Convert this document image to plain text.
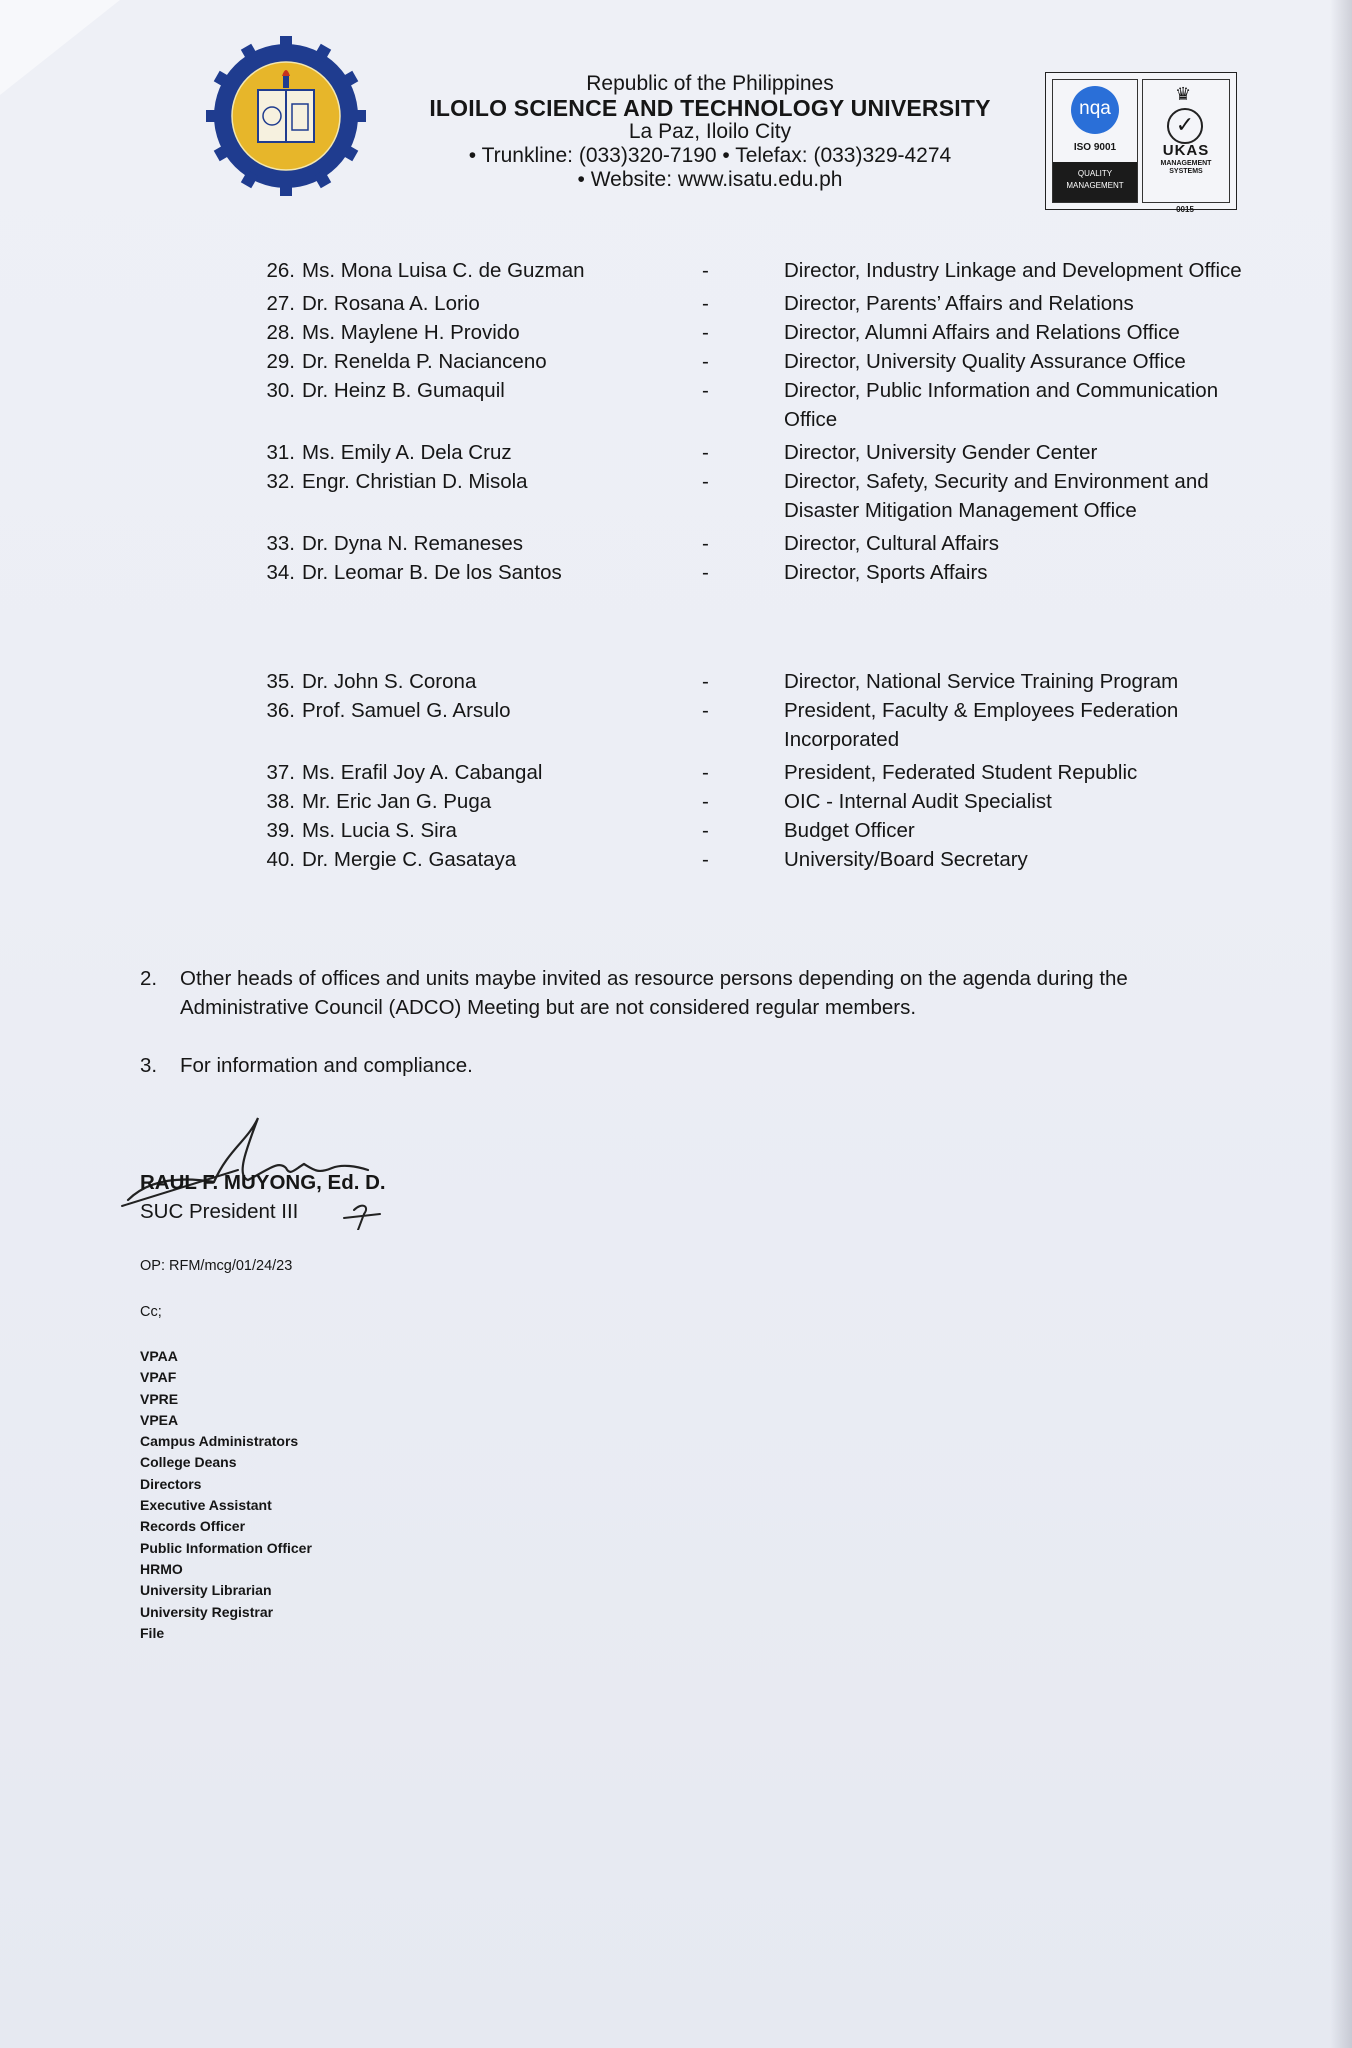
Republic of the Philippines
ILOILO SCIENCE AND TECHNOLOGY UNIVERSITY
La Paz, Iloilo City
• Trunkline: (033)320-7190 • Telefax: (033)329-4274
• Website: www.isatu.edu.ph
nqa
ISO 9001
QUALITY
MANAGEMENT
♛
✓
UKAS
MANAGEMENT
SYSTEMS
0015
26. Ms. Mona Luisa C. de Guzman	-	Director, Industry Linkage and Development Office
27. Dr. Rosana A. Lorio	-	Director, Parents’ Affairs and Relations
28. Ms. Maylene H. Provido	-	Director, Alumni Affairs and Relations Office
29. Dr. Renelda P. Nacianceno	-	Director, University Quality Assurance Office
30. Dr. Heinz B. Gumaquil	-	Director, Public Information and Communication Office
31. Ms. Emily A. Dela Cruz	-	Director, University Gender Center
32. Engr. Christian D. Misola	-	Director, Safety, Security and Environment and Disaster Mitigation Management Office
33. Dr. Dyna N. Remaneses	-	Director, Cultural Affairs
34. Dr. Leomar B. De los Santos	-	Director, Sports Affairs
35. Dr. John S. Corona	-	Director, National Service Training Program
36. Prof. Samuel G. Arsulo	-	President, Faculty & Employees Federation Incorporated
37. Ms. Erafil Joy A. Cabangal	-	President, Federated Student Republic
38. Mr. Eric Jan G. Puga	-	OIC - Internal Audit Specialist
39. Ms. Lucia S. Sira	-	Budget Officer
40. Dr. Mergie C. Gasataya	-	University/Board Secretary
2.	Other heads of offices and units maybe invited as resource persons depending on the agenda during the Administrative Council (ADCO) Meeting but are not considered regular members.
3.	For information and compliance.
RAUL F. MUYONG, Ed. D.
SUC President III
OP: RFM/mcg/01/24/23
Cc;
VPAA
VPAF
VPRE
VPEA
Campus Administrators
College Deans
Directors
Executive Assistant
Records Officer
Public Information Officer
HRMO
University Librarian
University Registrar
File
